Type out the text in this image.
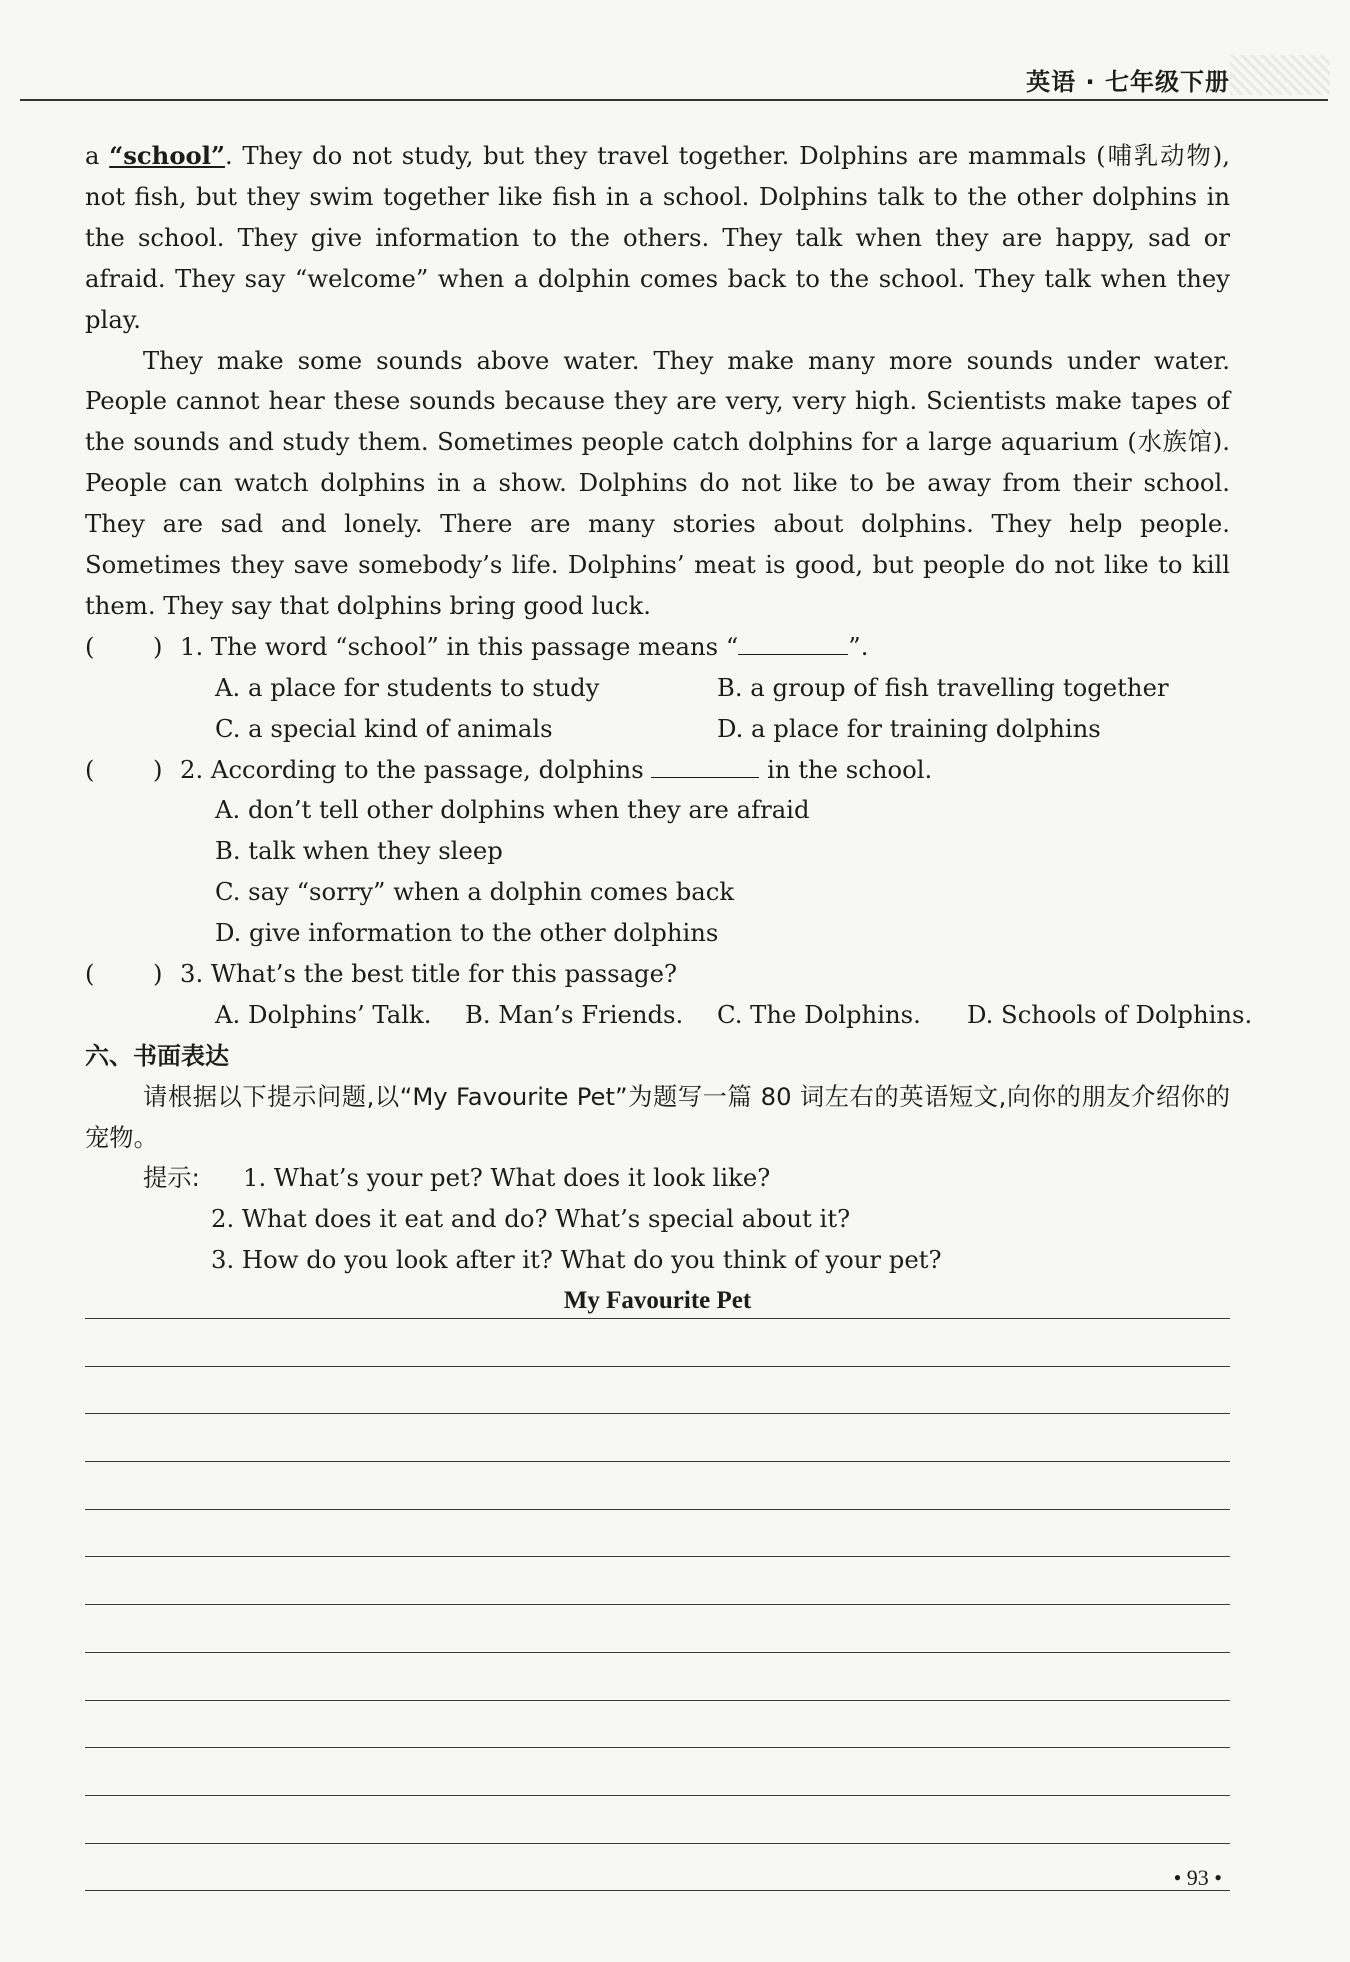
英语 · 七年级下册

a “school”. They do not study, but they travel together. Dolphins are mammals (哺乳动物), not fish, but they swim together like fish in a school. Dolphins talk to the other dolphins in the school. They give information to the others. They talk when they are happy, sad or afraid. They say “welcome” when a dolphin comes back to the school. They talk when they play.

They make some sounds above water. They make many more sounds under water. People cannot hear these sounds because they are very, very high. Scientists make tapes of the sounds and study them. Sometimes people catch dolphins for a large aquarium (水族馆). People can watch dolphins in a show. Dolphins do not like to be away from their school. They are sad and lonely. There are many stories about dolphins. They help people. Sometimes they save somebody’s life. Dolphins’ meat is good, but people do not like to kill them. They say that dolphins bring good luck.

( ) 1. The word “school” in this passage means “	”.
A. a place for students to study	B. a group of fish travelling together
C. a special kind of animals	D. a place for training dolphins
( ) 2. According to the passage, dolphins	in the school.
A. don’t tell other dolphins when they are afraid
B. talk when they sleep
C. say “sorry” when a dolphin comes back
D. give information to the other dolphins
( ) 3. What’s the best title for this passage?
A. Dolphins’ Talk. B. Man’s Friends. C. The Dolphins. D. Schools of Dolphins.
六、书面表达

请根据以下提示问题,以“My Favourite Pet”为题写一篇 80 词左右的英语短文,向你的朋友介绍你的宠物。

提示: 1. What’s your pet? What does it look like?
2. What does it eat and do? What’s special about it?
3. How do you look after it? What do you think of your pet?
My Favourite Pet
• 93 •
